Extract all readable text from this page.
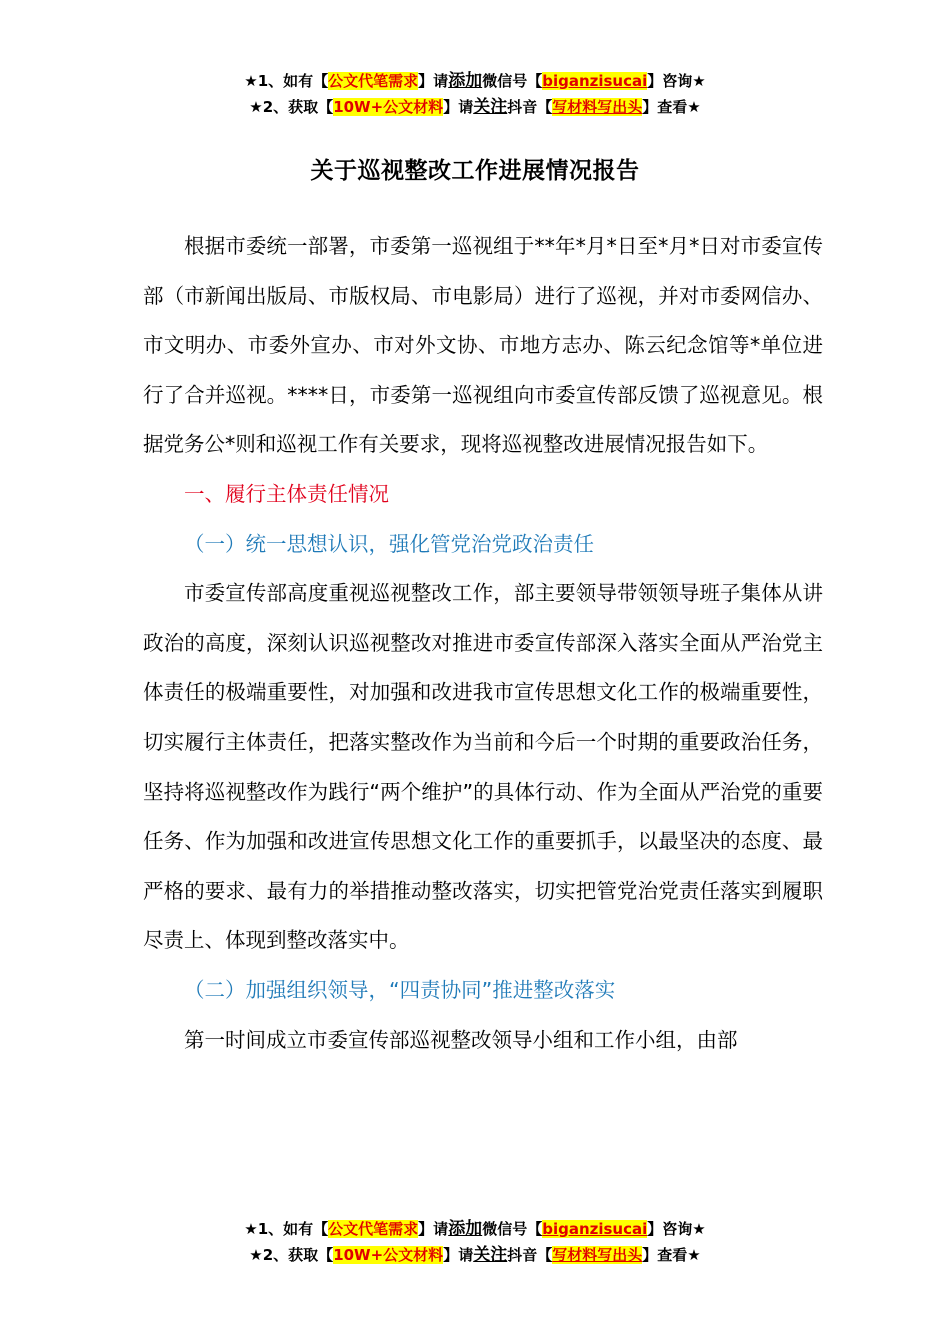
★1、如有【公文代笔需求】请添加微信号【biganzisucai】咨询★
★2、获取【10W+公文材料】请关注抖音【写材料写出头】查看★
关于巡视整改工作进展情况报告

根据市委统一部署，市委第一巡视组于**年*月*日至*月*日对市委宣传部（市新闻出版局、市版权局、市电影局）进行了巡视，并对市委网信办、市文明办、市委外宣办、市对外文协、市地方志办、陈云纪念馆等*单位进行了合并巡视。****日，市委第一巡视组向市委宣传部反馈了巡视意见。根据党务公*则和巡视工作有关要求，现将巡视整改进展情况报告如下。

一、履行主体责任情况

（一）统一思想认识，强化管党治党政治责任

市委宣传部高度重视巡视整改工作，部主要领导带领领导班子集体从讲政治的高度，深刻认识巡视整改对推进市委宣传部深入落实全面从严治党主体责任的极端重要性，对加强和改进我市宣传思想文化工作的极端重要性，切实履行主体责任，把落实整改作为当前和今后一个时期的重要政治任务，坚持将巡视整改作为践行“两个维护”的具体行动、作为全面从严治党的重要任务、作为加强和改进宣传思想文化工作的重要抓手，以最坚决的态度、最严格的要求、最有力的举措推动整改落实，切实把管党治党责任落实到履职尽责上、体现到整改落实中。

（二）加强组织领导，“四责协同”推进整改落实

第一时间成立市委宣传部巡视整改领导小组和工作小组，由部

★1、如有【公文代笔需求】请添加微信号【biganzisucai】咨询★
★2、获取【10W+公文材料】请关注抖音【写材料写出头】查看★
